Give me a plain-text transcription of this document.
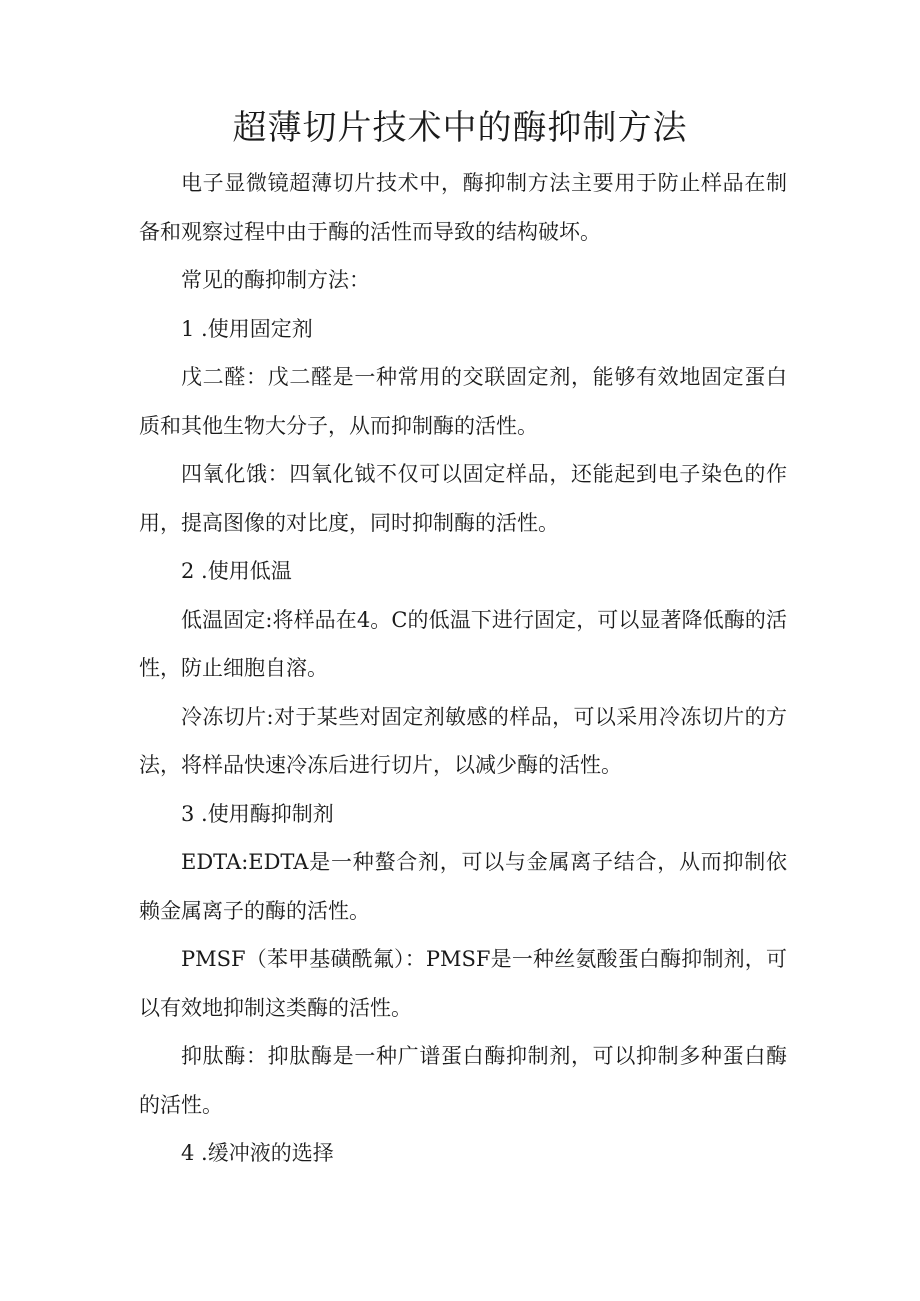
超薄切片技术中的酶抑制方法

电子显微镜超薄切片技术中，酶抑制方法主要用于防止样品在制备和观察过程中由于酶的活性而导致的结构破坏。

常见的酶抑制方法：

1 .使用固定剂

戊二醛：戊二醛是一种常用的交联固定剂，能够有效地固定蛋白质和其他生物大分子，从而抑制酶的活性。

四氧化饿：四氧化钺不仅可以固定样品，还能起到电子染色的作用，提高图像的对比度，同时抑制酶的活性。

2 .使用低温

低温固定:将样品在4。C的低温下进行固定，可以显著降低酶的活性，防止细胞自溶。

冷冻切片:对于某些对固定剂敏感的样品，可以采用冷冻切片的方法，将样品快速冷冻后进行切片，以减少酶的活性。

3 .使用酶抑制剂

EDTA:EDTA是一种螯合剂，可以与金属离子结合，从而抑制依赖金属离子的酶的活性。

PMSF（苯甲基磺酰氟）：PMSF是一种丝氨酸蛋白酶抑制剂，可以有效地抑制这类酶的活性。

抑肽酶：抑肽酶是一种广谱蛋白酶抑制剂，可以抑制多种蛋白酶的活性。

4 .缓冲液的选择
